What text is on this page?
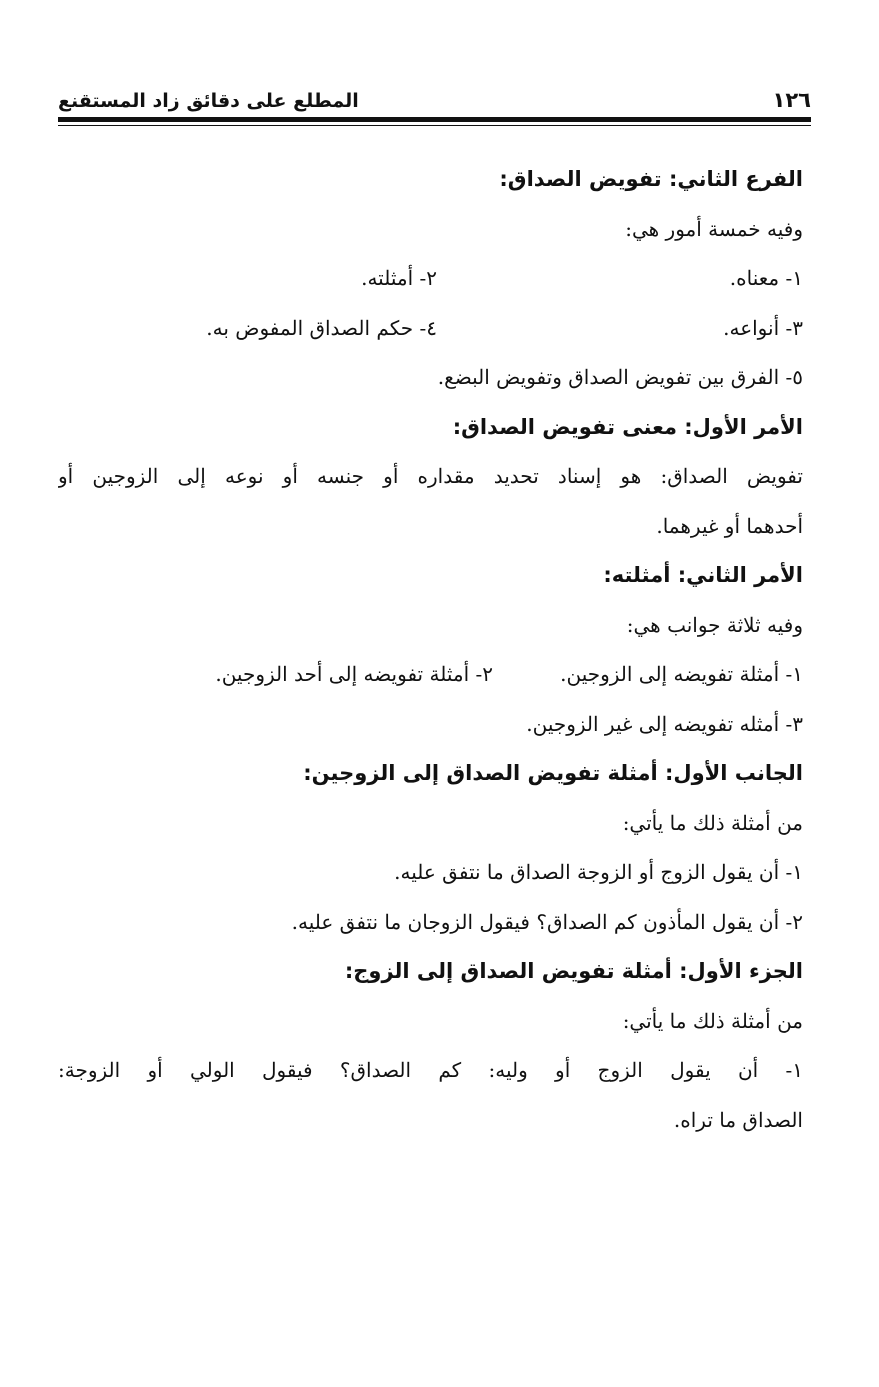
١٢٦
المطلع على دقائق زاد المستقنع
الفرع الثاني: تفويض الصداق:
وفيه خمسة أمور هي:
١- معناه.
٢- أمثلته.
٣- أنواعه.
٤- حكم الصداق المفوض به.
٥- الفرق بين تفويض الصداق وتفويض البضع.
الأمر الأول: معنى تفويض الصداق:
تفويض الصداق: هو إسناد تحديد مقداره أو جنسه أو نوعه إلى الزوجين أو
أحدهما أو غيرهما.
الأمر الثاني: أمثلته:
وفيه ثلاثة جوانب هي:
١- أمثلة تفويضه إلى الزوجين.
٢- أمثلة تفويضه إلى أحد الزوجين.
٣- أمثله تفويضه إلى غير الزوجين.
الجانب الأول: أمثلة تفويض الصداق إلى الزوجين:
من أمثلة ذلك ما يأتي:
١- أن يقول الزوج أو الزوجة الصداق ما نتفق عليه.
٢- أن يقول المأذون كم الصداق؟ فيقول الزوجان ما نتفق عليه.
الجزء الأول: أمثلة تفويض الصداق إلى الزوج:
من أمثلة ذلك ما يأتي:
١- أن يقول الزوج أو وليه: كم الصداق؟ فيقول الولي أو الزوجة:
الصداق ما تراه.
